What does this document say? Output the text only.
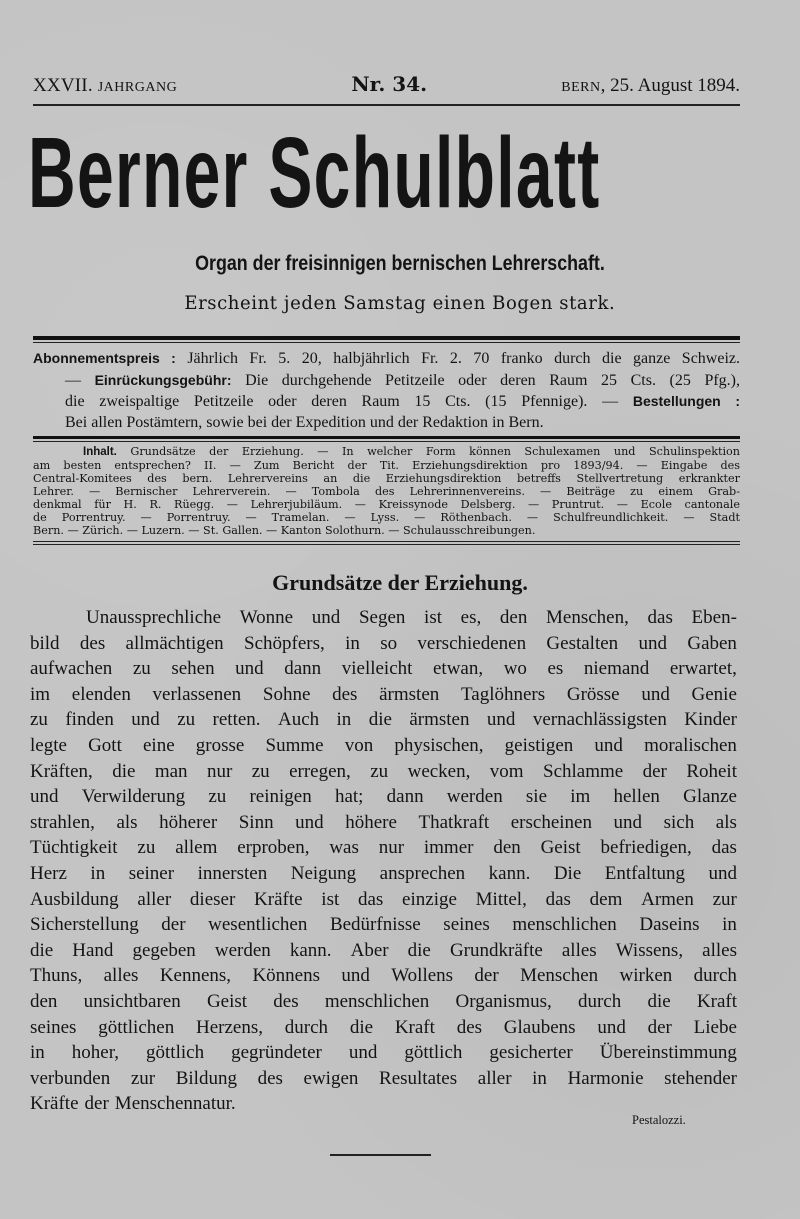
XXVII. JAHRGANG	Nr. 34.	BERN, 25. August 1894.
Berner Schulblatt
Organ der freisinnigen bernischen Lehrerschaft.
Erscheint jeden Samstag einen Bogen stark.

Abonnementspreis : Jährlich Fr. 5. 20, halbjährlich Fr. 2. 70 franko durch die ganze Schweiz.

— Einrückungsgebühr: Die durchgehende Petitzeile oder deren Raum 25 Cts. (25 Pfg.),

die zweispaltige Petitzeile oder deren Raum 15 Cts. (15 Pfennige). — Bestellungen :

Bei allen Postämtern, sowie bei der Expedition und der Redaktion in Bern.

Inhalt. Grundsätze der Erziehung. — In welcher Form können Schulexamen und Schulinspektion

am besten entsprechen? II. — Zum Bericht der Tit. Erziehungsdirektion pro 1893/94. — Eingabe des

Central-Komitees des bern. Lehrervereins an die Erziehungsdirektion betreffs Stellvertretung erkrankter

Lehrer. — Bernischer Lehrerverein. — Tombola des Lehrerinnenvereins. — Beiträge zu einem Grab-

denkmal für H. R. Rüegg. — Lehrerjubiläum. — Kreissynode Delsberg. — Pruntrut. — Ecole cantonale

de Porrentruy. — Porrentruy. — Tramelan. — Lyss. — Röthenbach. — Schulfreundlichkeit. — Stadt

Bern. — Zürich. — Luzern. — St. Gallen. — Kanton Solothurn. — Schulausschreibungen.

Grundsätze der Erziehung.
Unaussprechliche Wonne und Segen ist es, den Menschen, das Eben-
bild des allmächtigen Schöpfers, in so verschiedenen Gestalten und Gaben
aufwachen zu sehen und dann vielleicht etwan, wo es niemand erwartet,
im elenden verlassenen Sohne des ärmsten Taglöhners Grösse und Genie
zu finden und zu retten. Auch in die ärmsten und vernachlässigsten Kinder
legte Gott eine grosse Summe von physischen, geistigen und moralischen
Kräften, die man nur zu erregen, zu wecken, vom Schlamme der Roheit
und Verwilderung zu reinigen hat; dann werden sie im hellen Glanze
strahlen, als höherer Sinn und höhere Thatkraft erscheinen und sich als
Tüchtigkeit zu allem erproben, was nur immer den Geist befriedigen, das
Herz in seiner innersten Neigung ansprechen kann. Die Entfaltung und
Ausbildung aller dieser Kräfte ist das einzige Mittel, das dem Armen zur
Sicherstellung der wesentlichen Bedürfnisse seines menschlichen Daseins in
die Hand gegeben werden kann. Aber die Grundkräfte alles Wissens, alles
Thuns, alles Kennens, Könnens und Wollens der Menschen wirken durch
den unsichtbaren Geist des menschlichen Organismus, durch die Kraft
seines göttlichen Herzens, durch die Kraft des Glaubens und der Liebe
in hoher, göttlich gegründeter und göttlich gesicherter Übereinstimmung
verbunden zur Bildung des ewigen Resultates aller in Harmonie stehender
Kräfte der Menschennatur.
Pestalozzi.
